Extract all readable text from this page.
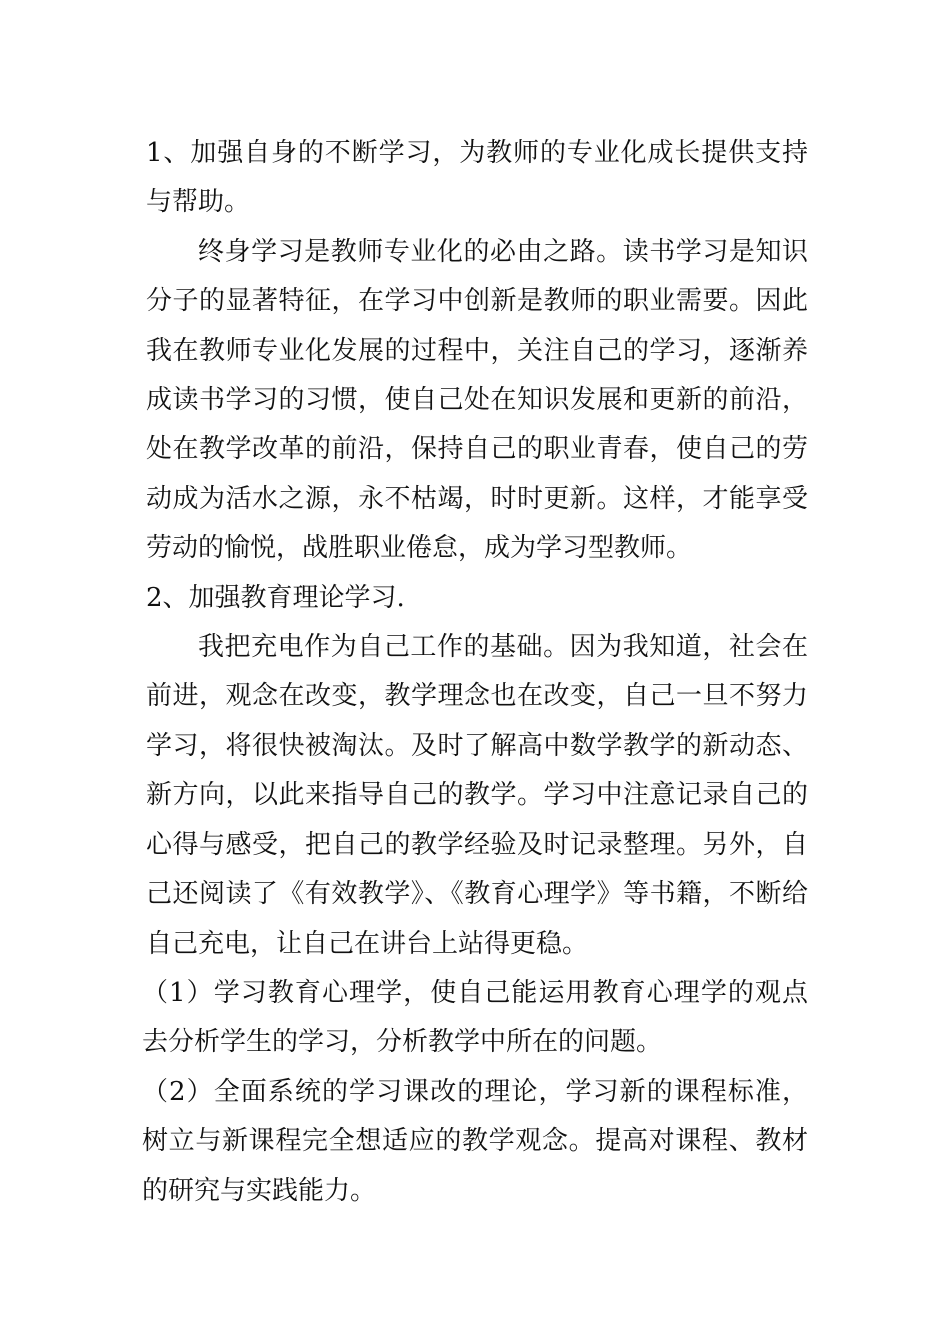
1、加强自身的不断学习，为教师的专业化成长提供支持与帮助。

终身学习是教师专业化的必由之路。读书学习是知识分子的显著特征，在学习中创新是教师的职业需要。因此我在教师专业化发展的过程中，关注自己的学习，逐渐养成读书学习的习惯，使自己处在知识发展和更新的前沿，处在教学改革的前沿，保持自己的职业青春，使自己的劳动成为活水之源，永不枯竭，时时更新。这样，才能享受劳动的愉悦，战胜职业倦怠，成为学习型教师。

2、加强教育理论学习.

我把充电作为自己工作的基础。因为我知道，社会在前进，观念在改变，教学理念也在改变，自己一旦不努力学习，将很快被淘汰。及时了解高中数学教学的新动态、新方向，以此来指导自己的教学。学习中注意记录自己的心得与感受，把自己的教学经验及时记录整理。另外，自己还阅读了《有效教学》、《教育心理学》等书籍，不断给自己充电，让自己在讲台上站得更稳。

（1）学习教育心理学，使自己能运用教育心理学的观点去分析学生的学习，分析教学中所在的问题。

（2）全面系统的学习课改的理论，学习新的课程标准，树立与新课程完全想适应的教学观念。提高对课程、教材的研究与实践能力。
